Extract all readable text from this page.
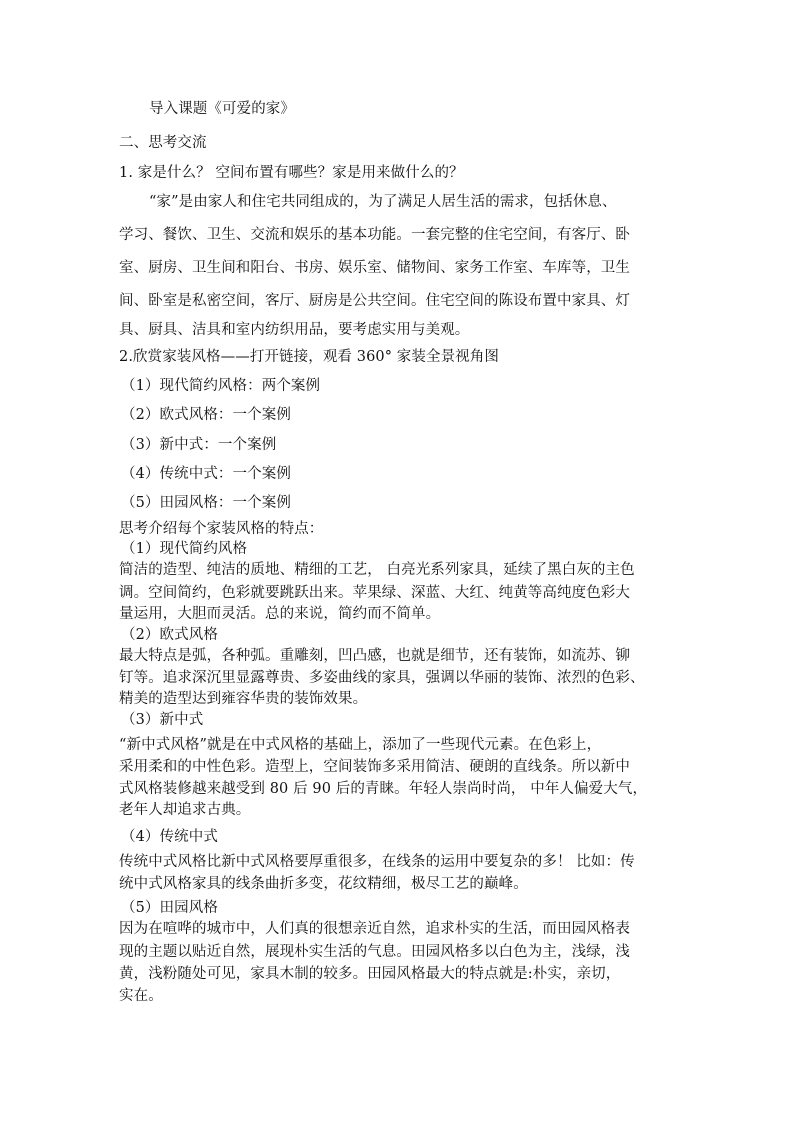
导入课题《可爱的家》
二、思考交流
1. 家是什么？ 空间布置有哪些？家是用来做什么的？
“家”是由家人和住宅共同组成的，为了满足人居生活的需求，包括休息、
学习、餐饮、卫生、交流和娱乐的基本功能。一套完整的住宅空间，有客厅、卧
室、厨房、卫生间和阳台、书房、娱乐室、储物间、家务工作室、车库等，卫生
间、卧室是私密空间，客厅、厨房是公共空间。住宅空间的陈设布置中家具、灯
具、厨具、洁具和室内纺织用品，要考虑实用与美观。
2.欣赏家装风格——打开链接，观看 360° 家装全景视角图
（1）现代简约风格：两个案例
（2）欧式风格：一个案例
（3）新中式：一个案例
（4）传统中式：一个案例
（5）田园风格：一个案例
思考介绍每个家装风格的特点：
（1）现代简约风格
简洁的造型、纯洁的质地、精细的工艺， 白亮光系列家具，延续了黑白灰的主色
调。空间简约，色彩就要跳跃出来。苹果绿、深蓝、大红、纯黄等高纯度色彩大
量运用，大胆而灵活。总的来说，简约而不简单。
（2）欧式风格
最大特点是弧，各种弧。重雕刻，凹凸感，也就是细节，还有装饰，如流苏、铆
钉等。追求深沉里显露尊贵、多姿曲线的家具，强调以华丽的装饰、浓烈的色彩、
精美的造型达到雍容华贵的装饰效果。
（3）新中式
“新中式风格”就是在中式风格的基础上，添加了一些现代元素。在色彩上，
采用柔和的中性色彩。造型上，空间装饰多采用简洁、硬朗的直线条。所以新中
式风格装修越来越受到 80 后 90 后的青睐。年轻人崇尚时尚， 中年人偏爱大气，
老年人却追求古典。
（4）传统中式
传统中式风格比新中式风格要厚重很多，在线条的运用中要复杂的多！ 比如：传
统中式风格家具的线条曲折多变，花纹精细，极尽工艺的巅峰。
（5）田园风格
因为在喧哗的城市中，人们真的很想亲近自然，追求朴实的生活，而田园风格表
现的主题以贴近自然，展现朴实生活的气息。田园风格多以白色为主，浅绿，浅
黄，浅粉随处可见，家具木制的较多。田园风格最大的特点就是:朴实，亲切，
实在。
